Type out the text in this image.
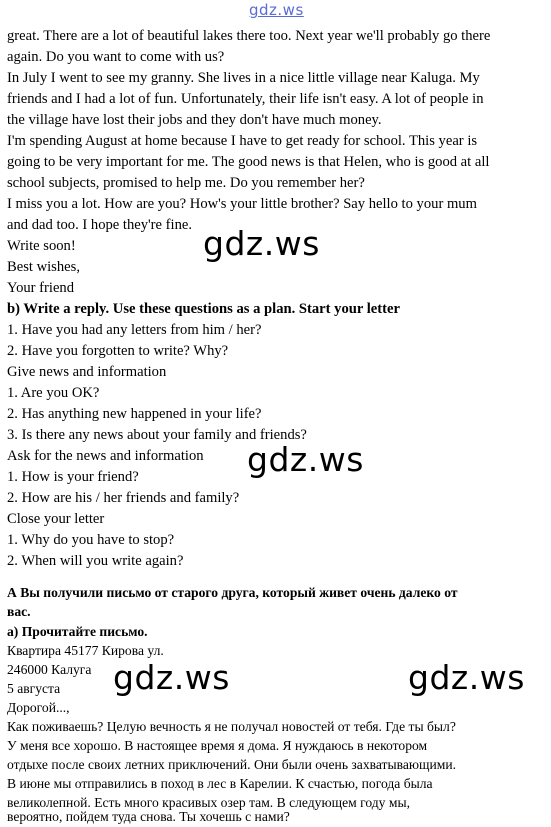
great. There are a lot of beautiful lakes there too. Next year we'll probably go there
again. Do you want to come with us?
In July I went to see my granny. She lives in a nice little village near Kaluga. My
friends and I had a lot of fun. Unfortunately, their life isn't easy. A lot of people in
the village have lost their jobs and they don't have much money.
I'm spending August at home because I have to get ready for school. This year is
going to be very important for me. The good news is that Helen, who is good at all
school subjects, promised to help me. Do you remember her?
I miss you a lot. How are you? How's your little brother? Say hello to your mum
and dad too. I hope they're fine.
Write soon!
Best wishes,
Your friend
b) Write a reply. Use these questions as a plan. Start your letter
1. Have you had any letters from him / her?
2. Have you forgotten to write? Why?
Give news and information
1. Are you OK?
2. Has anything new happened in your life?
3. Is there any news about your family and friends?
Ask for the news and information
1. How is your friend?
2. How are his / her friends and family?
Close your letter
1. Why do you have to stop?
2. When will you write again?
А Вы получили письмо от старого друга, который живет очень далеко от
вас.
а) Прочитайте письмо.
Квартира 45177 Кирова ул.
246000 Калуга
5 августа
Дорогой...,
Как поживаешь? Целую вечность я не получал новостей от тебя. Где ты был?
У меня все хорошо. В настоящее время я дома. Я нуждаюсь в некотором
отдыхе после своих летних приключений. Они были очень захватывающими.
В июне мы отправились в поход в лес в Карелии. К счастью, погода была
великолепной. Есть много красивых озер там. В следующем году мы,
вероятно, пойдем туда снова. Ты хочешь с нами?
gdz.ws
gdz.ws
gdz.ws
gdz.ws	gdz.ws
